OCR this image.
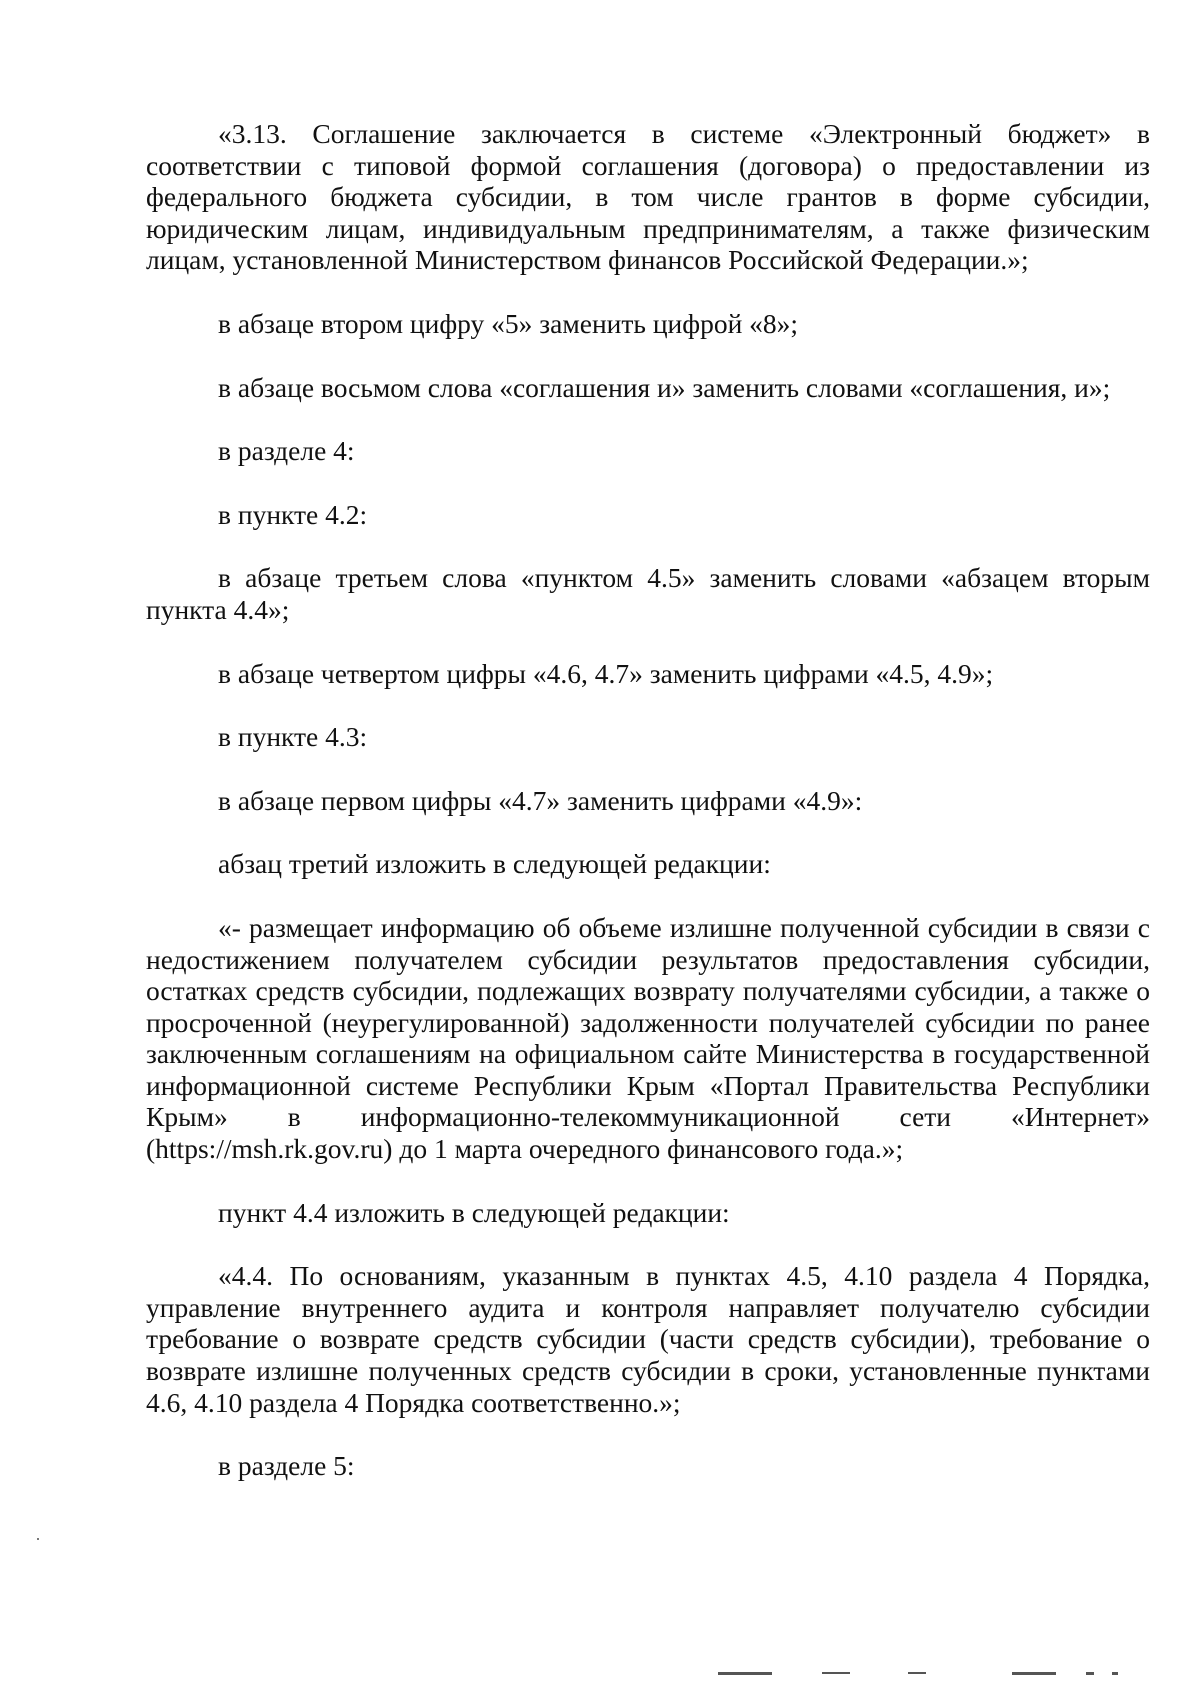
«3.13. Соглашение заключается в системе «Электронный бюджет» в соответствии с типовой формой соглашения (договора) о предоставлении из федерального бюджета субсидии, в том числе грантов в форме субсидии, юридическим лицам, индивидуальным предпринимателям, а также физическим лицам, установленной Министерством финансов Российской Федерации.»;

в абзаце втором цифру «5» заменить цифрой «8»;

в абзаце восьмом слова «соглашения и» заменить словами «соглашения, и»;

в разделе 4:

в пункте 4.2:

в абзаце третьем слова «пунктом 4.5» заменить словами «абзацем вторым пункта 4.4»;

в абзаце четвертом цифры «4.6, 4.7» заменить цифрами «4.5, 4.9»;

в пункте 4.3:

в абзаце первом цифры «4.7» заменить цифрами «4.9»:

абзац третий изложить в следующей редакции:

«- размещает информацию об объеме излишне полученной субсидии в связи с недостижением получателем субсидии результатов предоставления субсидии, остатках средств субсидии, подлежащих возврату получателями субсидии, а также о просроченной (неурегулированной) задолженности получателей субсидии по ранее заключенным соглашениям на официальном сайте Министерства в государственной информационной системе Республики Крым «Портал Правительства Республики Крым» в информационно-телекоммуникационной сети «Интернет» (https://msh.rk.gov.ru) до 1 марта очередного финансового года.»;

пункт 4.4 изложить в следующей редакции:

«4.4. По основаниям, указанным в пунктах 4.5, 4.10 раздела 4 Порядка, управление внутреннего аудита и контроля направляет получателю субсидии требование о возврате средств субсидии (части средств субсидии), требование о возврате излишне полученных средств субсидии в сроки, установленные пунктами 4.6, 4.10 раздела 4 Порядка соответственно.»;

в разделе 5:
